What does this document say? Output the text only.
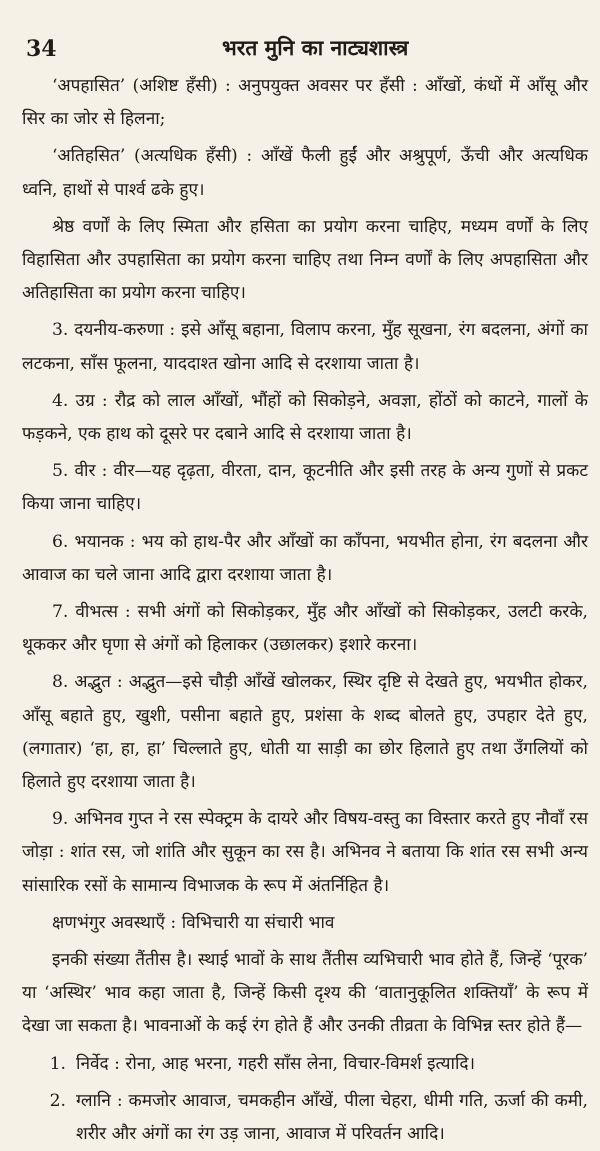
34	भरत मुनि का नाट्यशास्त्र

‘अपहासित’ (अशिष्ट हँसी) : अनुपयुक्त अवसर पर हँसी : आँखों, कंधों में आँसू और सिर का जोर से हिलना;

‘अतिहसित’ (अत्यधिक हँसी) : आँखें फैली हुईं और अश्रुपूर्ण, ऊँची और अत्यधिक ध्वनि, हाथों से पार्श्व ढके हुए।

श्रेष्ठ वर्णों के लिए स्मिता और हसिता का प्रयोग करना चाहिए, मध्यम वर्णों के लिए विहासिता और उपहासिता का प्रयोग करना चाहिए तथा निम्न वर्णों के लिए अपहासिता और अतिहासिता का प्रयोग करना चाहिए।

3. दयनीय-करुणा : इसे आँसू बहाना, विलाप करना, मुँह सूखना, रंग बदलना, अंगों का लटकना, साँस फूलना, याददाश्त खोना आदि से दरशाया जाता है।

4. उग्र : रौद्र को लाल आँखों, भौंहों को सिकोड़ने, अवज्ञा, होंठों को काटने, गालों के फड़कने, एक हाथ को दूसरे पर दबाने आदि से दरशाया जाता है।

5. वीर : वीर—यह दृढ़ता, वीरता, दान, कूटनीति और इसी तरह के अन्य गुणों से प्रकट किया जाना चाहिए।

6. भयानक : भय को हाथ-पैर और आँखों का काँपना, भयभीत होना, रंग बदलना और आवाज का चले जाना आदि द्वारा दरशाया जाता है।

7. वीभत्स : सभी अंगों को सिकोड़कर, मुँह और आँखों को सिकोड़कर, उलटी करके, थूककर और घृणा से अंगों को हिलाकर (उछालकर) इशारे करना।

8. अद्भुत : अद्भुत—इसे चौड़ी आँखें खोलकर, स्थिर दृष्टि से देखते हुए, भयभीत होकर, आँसू बहाते हुए, खुशी, पसीना बहाते हुए, प्रशंसा के शब्द बोलते हुए, उपहार देते हुए, (लगातार) ‘हा, हा, हा’ चिल्लाते हुए, धोती या साड़ी का छोर हिलाते हुए तथा उँगलियों को हिलाते हुए दरशाया जाता है।

9. अभिनव गुप्त ने रस स्पेक्ट्रम के दायरे और विषय-वस्तु का विस्तार करते हुए नौवाँ रस जोड़ा : शांत रस, जो शांति और सुकून का रस है। अभिनव ने बताया कि शांत रस सभी अन्य सांसारिक रसों के सामान्य विभाजक के रूप में अंतर्निहित है।

क्षणभंगुर अवस्थाएँ : विभिचारी या संचारी भाव

इनकी संख्या तैंतीस है। स्थाई भावों के साथ तैंतीस व्यभिचारी भाव होते हैं, जिन्हें ‘पूरक’ या ‘अस्थिर’ भाव कहा जाता है, जिन्हें किसी दृश्य की ‘वातानुकूलित शक्तियाँ’ के रूप में देखा जा सकता है। भावनाओं के कई रंग होते हैं और उनकी तीव्रता के विभिन्न स्तर होते हैं—

1. निर्वेद : रोना, आह भरना, गहरी साँस लेना, विचार-विमर्श इत्यादि।
2. ग्लानि : कमजोर आवाज, चमकहीन आँखें, पीला चेहरा, धीमी गति, ऊर्जा की कमी, शरीर और अंगों का रंग उड़ जाना, आवाज में परिवर्तन आदि।
